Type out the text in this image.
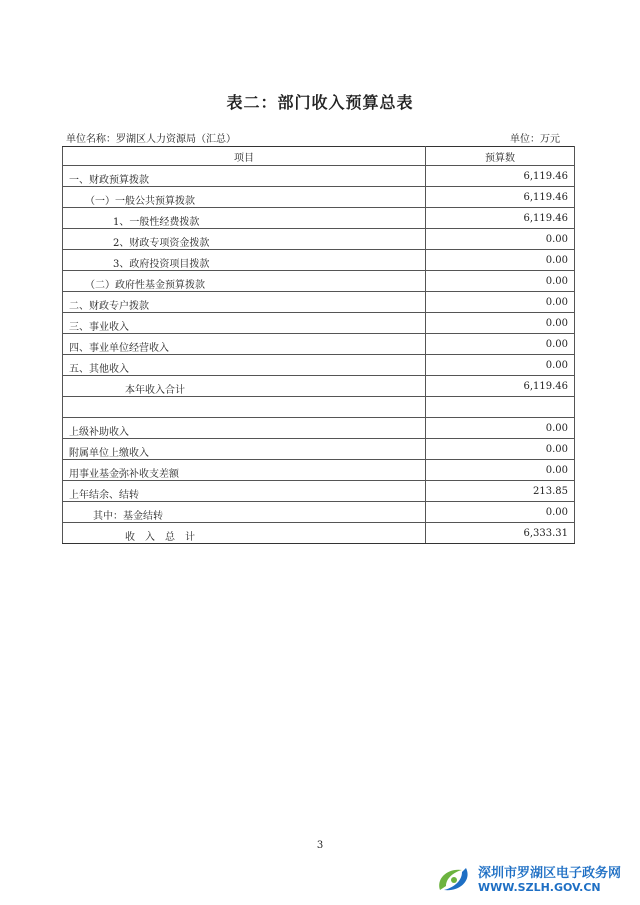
表二：部门收入预算总表
单位名称：罗湖区人力资源局（汇总）	单位：万元
项目	预算数
一、财政预算拨款	6,119.46
（一）一般公共预算拨款	6,119.46
1、一般性经费拨款	6,119.46
2、财政专项资金拨款	0.00
3、政府投资项目拨款	0.00
（二）政府性基金预算拨款	0.00
二、财政专户拨款	0.00
三、事业收入	0.00
四、事业单位经营收入	0.00
五、其他收入	0.00
本年收入合计	6,119.46

上级补助收入	0.00
附属单位上缴收入	0.00
用事业基金弥补收支差额	0.00
上年结余、结转	213.85
其中：基金结转	0.00
收　入　总　计	6,333.31
3
深圳市罗湖区电子政务网
WWW.SZLH.GOV.CN
